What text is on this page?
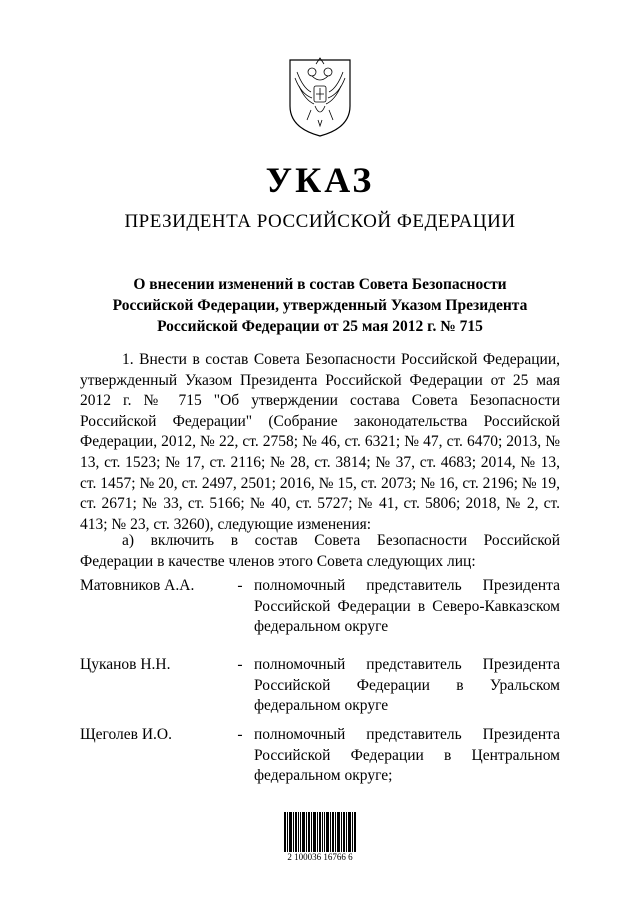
УКАЗ
ПРЕЗИДЕНТА РОССИЙСКОЙ ФЕДЕРАЦИИ
О внесении изменений в состав Совета Безопасности
Российской Федерации, утвержденный Указом Президента
Российской Федерации от 25 мая 2012 г. № 715
1. Внести в состав Совета Безопасности Российской Федерации, утвержденный Указом Президента Российской Федерации от 25 мая 2012 г. № 715 "Об утверждении состава Совета Безопасности Российской Федерации" (Собрание законодательства Российской Федерации, 2012, № 22, ст. 2758; № 46, ст. 6321; № 47, ст. 6470; 2013, № 13, ст. 1523; № 17, ст. 2116; № 28, ст. 3814; № 37, ст. 4683; 2014, № 13, ст. 1457; № 20, ст. 2497, 2501; 2016, № 15, ст. 2073; № 16, ст. 2196; № 19, ст. 2671; № 33, ст. 5166; № 40, ст. 5727; № 41, ст. 5806; 2018, № 2, ст. 413; № 23, ст. 3260), следующие изменения:
а) включить в состав Совета Безопасности Российской Федерации в качестве членов этого Совета следующих лиц:
Матовников А.А.	- полномочный представитель Президента Российской Федерации в Северо-Кавказском федеральном округе
Цуканов Н.Н.	- полномочный представитель Президента Российской Федерации в Уральском федеральном округе
Щеголев И.О.	- полномочный представитель Президента Российской Федерации в Центральном федеральном округе;
2 100036 16766 6
